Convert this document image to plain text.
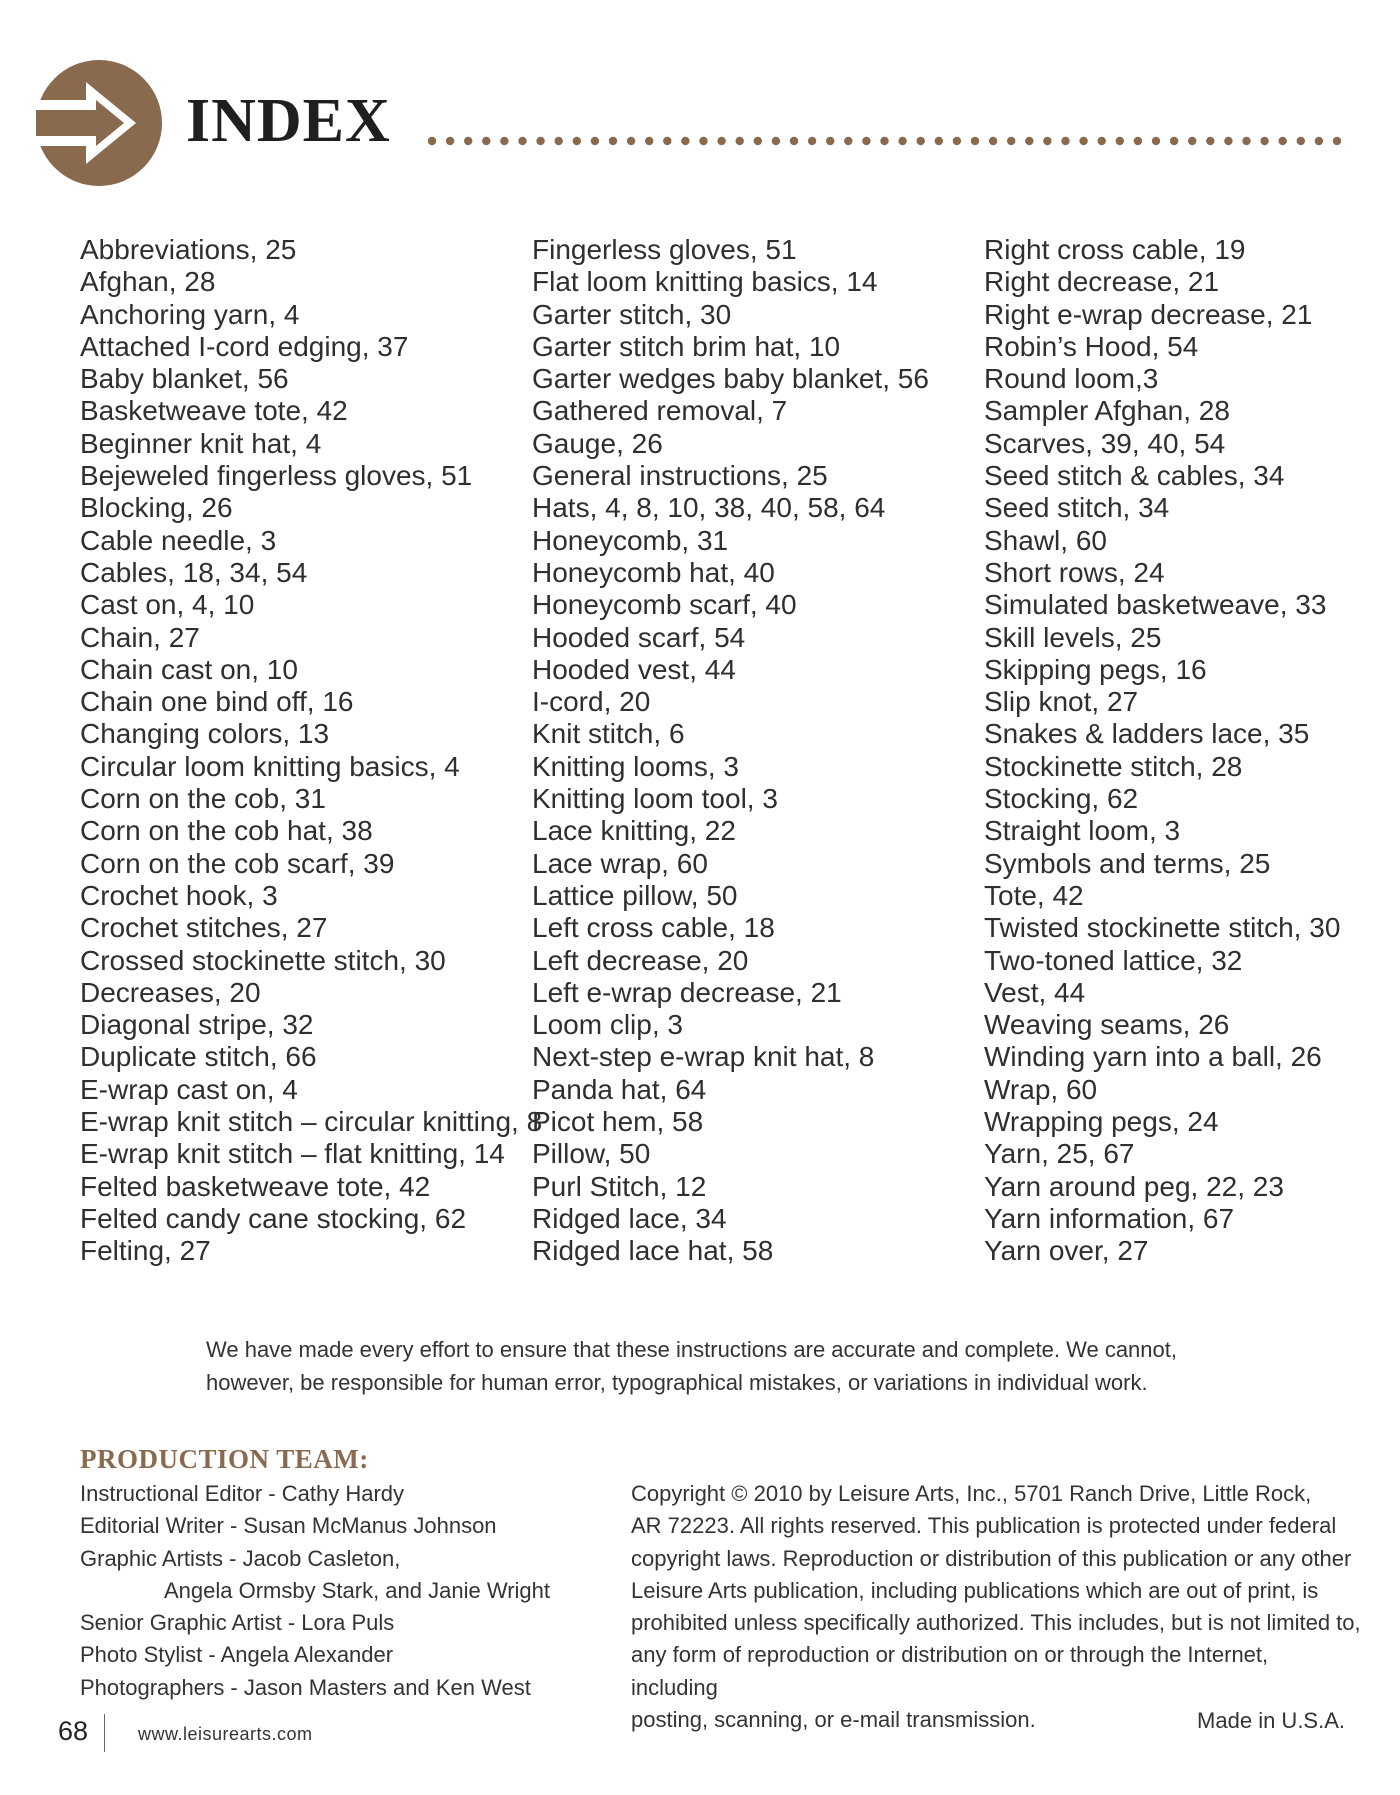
INDEX
Abbreviations, 25
Afghan, 28
Anchoring yarn, 4
Attached I-cord edging, 37
Baby blanket, 56
Basketweave tote, 42
Beginner knit hat, 4
Bejeweled fingerless gloves, 51
Blocking, 26
Cable needle, 3
Cables, 18, 34, 54
Cast on, 4, 10
Chain, 27
Chain cast on, 10
Chain one bind off, 16
Changing colors, 13
Circular loom knitting basics, 4
Corn on the cob, 31
Corn on the cob hat, 38
Corn on the cob scarf, 39
Crochet hook, 3
Crochet stitches, 27
Crossed stockinette stitch, 30
Decreases, 20
Diagonal stripe, 32
Duplicate stitch, 66
E-wrap cast on, 4
E-wrap knit stitch – circular knitting, 8
E-wrap knit stitch – flat knitting, 14
Felted basketweave tote, 42
Felted candy cane stocking, 62
Felting, 27
Fingerless gloves, 51
Flat loom knitting basics, 14
Garter stitch, 30
Garter stitch brim hat, 10
Garter wedges baby blanket, 56
Gathered removal, 7
Gauge, 26
General instructions, 25
Hats, 4, 8, 10, 38, 40, 58, 64
Honeycomb, 31
Honeycomb hat, 40
Honeycomb scarf, 40
Hooded scarf, 54
Hooded vest, 44
I-cord, 20
Knit stitch, 6
Knitting looms, 3
Knitting loom tool, 3
Lace knitting, 22
Lace wrap, 60
Lattice pillow, 50
Left cross cable, 18
Left decrease, 20
Left e-wrap decrease, 21
Loom clip, 3
Next-step e-wrap knit hat, 8
Panda hat, 64
Picot hem, 58
Pillow, 50
Purl Stitch, 12
Ridged lace, 34
Ridged lace hat, 58
Right cross cable, 19
Right decrease, 21
Right e-wrap decrease, 21
Robin’s Hood, 54
Round loom,3
Sampler Afghan, 28
Scarves, 39, 40, 54
Seed stitch & cables, 34
Seed stitch, 34
Shawl, 60
Short rows, 24
Simulated basketweave, 33
Skill levels, 25
Skipping pegs, 16
Slip knot, 27
Snakes & ladders lace, 35
Stockinette stitch, 28
Stocking, 62
Straight loom, 3
Symbols and terms, 25
Tote, 42
Twisted stockinette stitch, 30
Two-toned lattice, 32
Vest, 44
Weaving seams, 26
Winding yarn into a ball, 26
Wrap, 60
Wrapping pegs, 24
Yarn, 25, 67
Yarn around peg, 22, 23
Yarn information, 67
Yarn over, 27
We have made every effort to ensure that these instructions are accurate and complete. We cannot,
however, be responsible for human error, typographical mistakes, or variations in individual work.
PRODUCTION TEAM:
Instructional Editor - Cathy Hardy
Editorial Writer - Susan McManus Johnson
Graphic Artists - Jacob Casleton,
Angela Ormsby Stark, and Janie Wright
Senior Graphic Artist - Lora Puls
Photo Stylist - Angela Alexander
Photographers - Jason Masters and Ken West
Copyright © 2010 by Leisure Arts, Inc., 5701 Ranch Drive, Little Rock,
AR 72223. All rights reserved. This publication is protected under federal
copyright laws. Reproduction or distribution of this publication or any other
Leisure Arts publication, including publications which are out of print, is
prohibited unless specifically authorized. This includes, but is not limited to,
any form of reproduction or distribution on or through the Internet, including
posting, scanning, or e-mail transmission.	Made in U.S.A.
68	www.leisurearts.com
